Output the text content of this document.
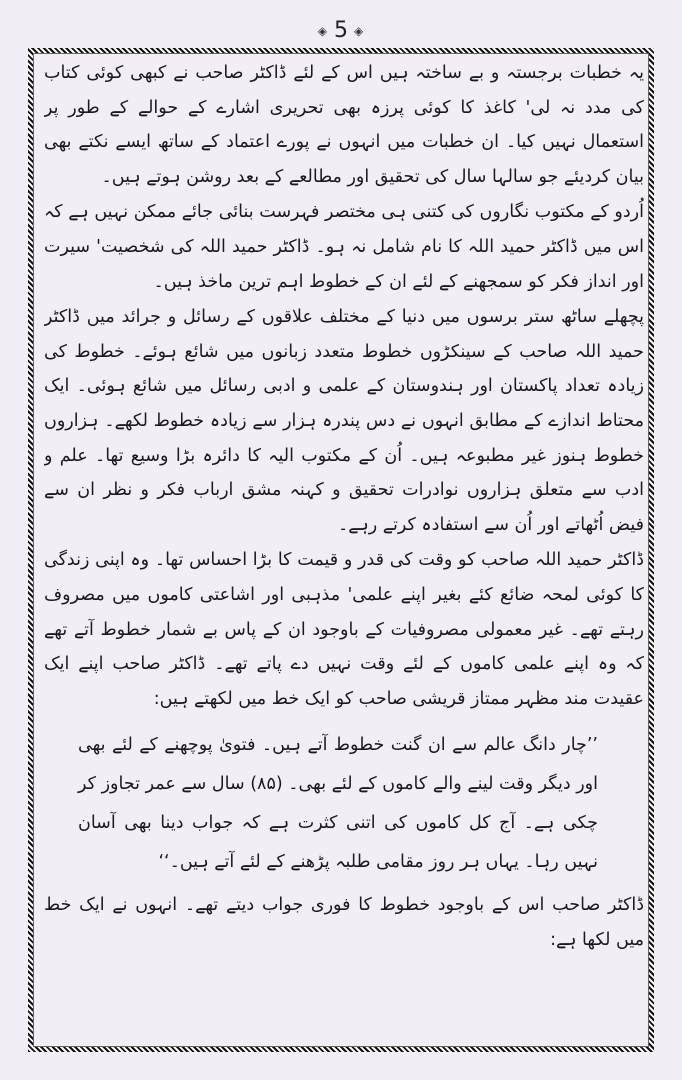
◈ 5 ◈

یہ خطبات برجستہ و بے ساختہ ہیں اس کے لئے ڈاکٹر صاحب نے کبھی کوئی کتاب کی مدد نہ لی' کاغذ کا کوئی پرزہ بھی تحریری اشارے کے حوالے کے طور پر استعمال نہیں کیا۔ ان خطبات میں انہوں نے پورے اعتماد کے ساتھ ایسے نکتے بھی بیان کردیئے جو سالہا سال کی تحقیق اور مطالعے کے بعد روشن ہوتے ہیں۔

اُردو کے مکتوب نگاروں کی کتنی ہی مختصر فہرست بنائی جائے ممکن نہیں ہے کہ اس میں ڈاکٹر حمید اللہ کا نام شامل نہ ہو۔ ڈاکٹر حمید اللہ کی شخصیت' سیرت اور انداز فکر کو سمجھنے کے لئے ان کے خطوط اہم ترین ماخذ ہیں۔

پچھلے ساٹھ ستر برسوں میں دنیا کے مختلف علاقوں کے رسائل و جرائد میں ڈاکٹر حمید اللہ صاحب کے سینکڑوں خطوط متعدد زبانوں میں شائع ہوئے۔ خطوط کی زیادہ تعداد پاکستان اور ہندوستان کے علمی و ادبی رسائل میں شائع ہوئی۔ ایک محتاط اندازے کے مطابق انہوں نے دس پندرہ ہزار سے زیادہ خطوط لکھے۔ ہزاروں خطوط ہنوز غیر مطبوعہ ہیں۔ اُن کے مکتوب الیہ کا دائرہ بڑا وسیع تھا۔ علم و ادب سے متعلق ہزاروں نوادرات تحقیق و کہنہ مشق ارباب فکر و نظر ان سے فیض اُٹھاتے اور اُن سے استفادہ کرتے رہے۔

ڈاکٹر حمید اللہ صاحب کو وقت کی قدر و قیمت کا بڑا احساس تھا۔ وہ اپنی زندگی کا کوئی لمحہ ضائع کئے بغیر اپنے علمی' مذہبی اور اشاعتی کاموں میں مصروف رہتے تھے۔ غیر معمولی مصروفیات کے باوجود ان کے پاس بے شمار خطوط آتے تھے کہ وہ اپنے علمی کاموں کے لئے وقت نہیں دے پاتے تھے۔ ڈاکٹر صاحب اپنے ایک عقیدت مند مظہر ممتاز قریشی صاحب کو ایک خط میں لکھتے ہیں:

’’چار دانگ عالم سے ان گنت خطوط آتے ہیں۔ فتویٰ پوچھنے کے لئے بھی اور دیگر وقت لینے والے کاموں کے لئے بھی۔ (۸۵) سال سے عمر تجاوز کر چکی ہے۔ آج کل کاموں کی اتنی کثرت ہے کہ جواب دینا بھی آسان نہیں رہا۔ یہاں ہر روز مقامی طلبہ پڑھنے کے لئے آتے ہیں۔‘‘

ڈاکٹر صاحب اس کے باوجود خطوط کا فوری جواب دیتے تھے۔ انہوں نے ایک خط میں لکھا ہے:
